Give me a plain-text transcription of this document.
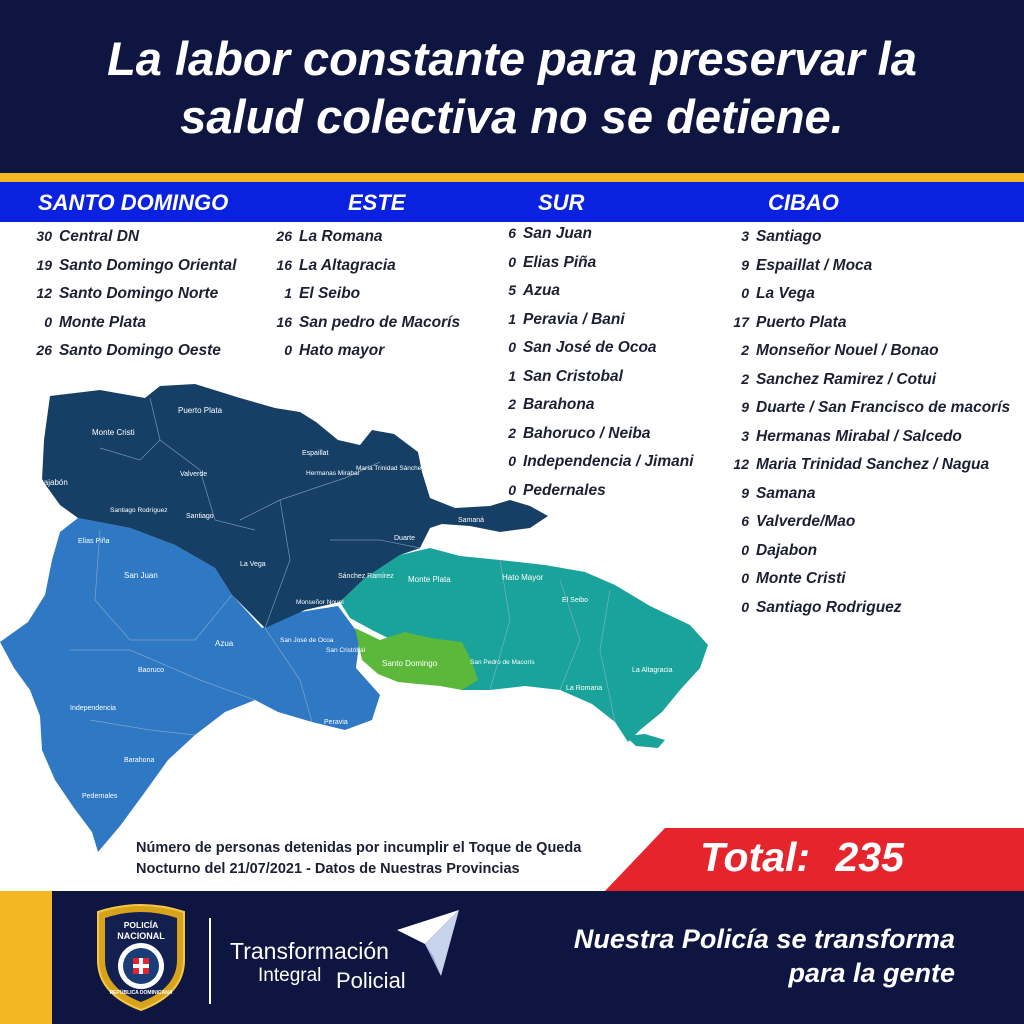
La labor constante para preservar la
salud colectiva no se detiene.
SANTO DOMINGO	ESTE	SUR	CIBAO
30 Central DN
19 Santo Domingo Oriental
12 Santo Domingo Norte
0 Monte Plata
26 Santo Domingo Oeste
26 La Romana
16 La Altagracia
1 El Seibo
16 San pedro de Macorís
0 Hato mayor
6 San Juan
0 Elias Piña
5 Azua
1 Peravia / Bani
0 San José de Ocoa
1 San Cristobal
2 Barahona
2 Bahoruco / Neiba
0 Independencia / Jimani
0 Pedernales
3 Santiago
9 Espaillat / Moca
0 La Vega
17 Puerto Plata
2 Monseñor Nouel / Bonao
2 Sanchez Ramirez / Cotui
9 Duarte / San Francisco de macorís
3 Hermanas Mirabal / Salcedo
12 Maria Trinidad Sanchez / Nagua
9 Samana
6 Valverde/Mao
0 Dajabon
0 Monte Cristi
0 Santiago Rodriguez
Monte Cristi
Puerto Plata
Dajabón
Valverde
Santiago
Santiago Rodríguez
Espaillat
Hermanas Mirabal
María Trinidad Sánchez
Samaná
Duarte
La Vega
Sánchez Ramírez
Monseñor Nouel
Elías Piña
San Juan
Azua
Baoruco
Independencia
Barahona
Pedernales
San José de Ocoa
San Cristóbal
Peravia
Santo Domingo
Monte Plata	Hato Mayor
El Seibo
San Pedro de Macorís
La Romana
La Altagracia
Número de personas detenidas por incumplir el Toque de Queda
Nocturno del 21/07/2021 - Datos de Nuestras Provincias	Total: 235
POLICÍA
NACIONAL
REPÚBLICA DOMINICANA
Transformación
Integral Policial
Nuestra Policía se transforma
para la gente
